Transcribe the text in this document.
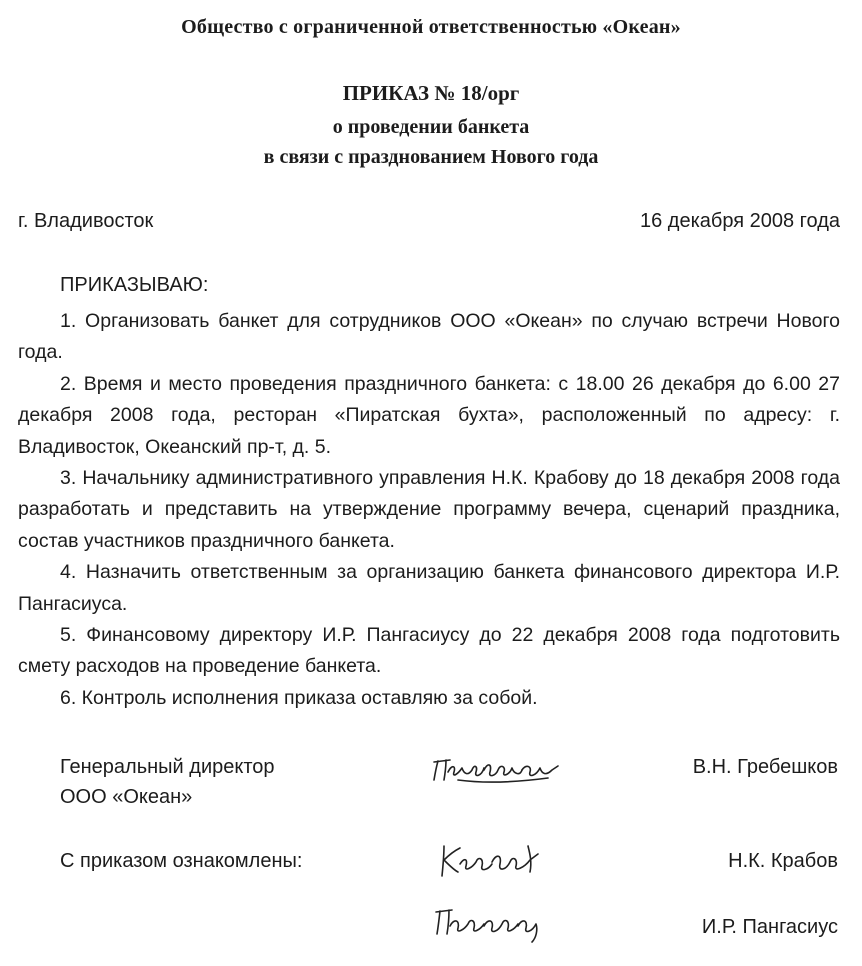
Общество с ограниченной ответственностью «Океан»
ПРИКАЗ № 18/орг
о проведении банкета
в связи с празднованием Нового года
г. Владивосток	16 декабря 2008 года
ПРИКАЗЫВАЮ:

1. Организовать банкет для сотрудников ООО «Океан» по случаю встречи Нового года.

2. Время и место проведения праздничного банкета: с 18.00 26 декабря до 6.00 27 декабря 2008 года, ресторан «Пиратская бухта», расположенный по адресу: г. Владивосток, Океанский пр-т, д. 5.

3. Начальнику административного управления Н.К. Крабову до 18 декабря 2008 года разработать и представить на утверждение программу вечера, сценарий праздника, состав участников праздничного банкета.

4. Назначить ответственным за организацию банкета финансового директора И.Р. Пангасиуса.

5. Финансовому директору И.Р. Пангасиусу до 22 декабря 2008 года подготовить смету расходов на проведение банкета.

6. Контроль исполнения приказа оставляю за собой.

Генеральный директор
ООО «Океан»
В.Н. Гребешков
С приказом ознакомлены:	Н.К. Крабов
И.Р. Пангасиус
